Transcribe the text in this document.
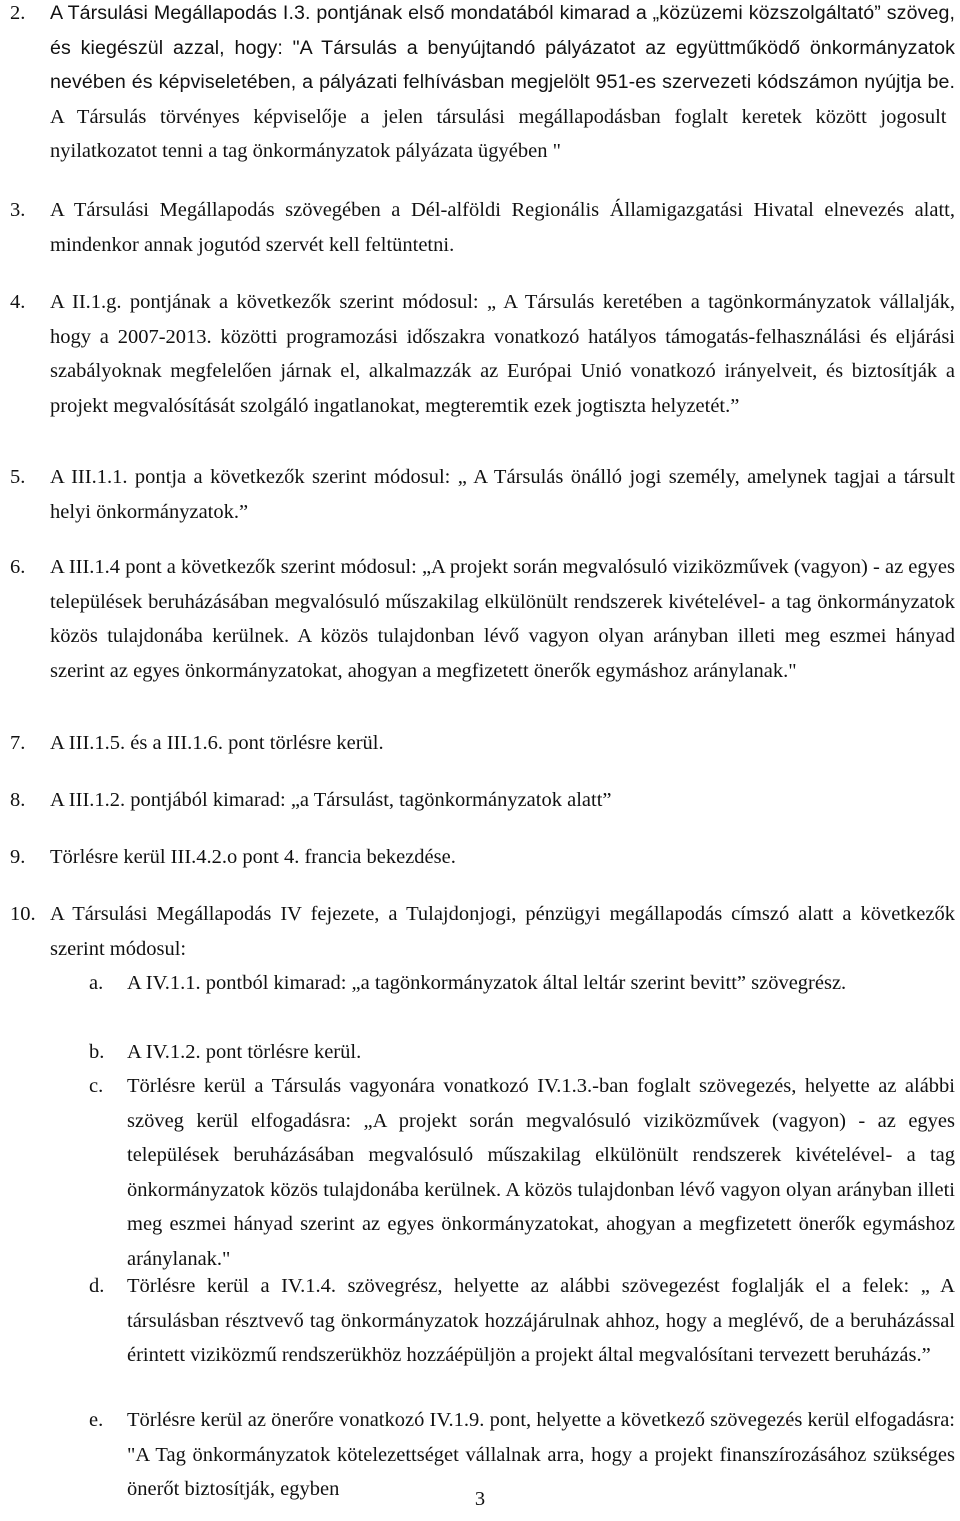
2. A Társulási Megállapodás I.3. pontjának első mondatából kimarad a „közüzemi közszolgáltató” szöveg, és kiegészül azzal, hogy: "A Társulás a benyújtandó pályázatot az együttműködő önkormányzatok nevében és képviseletében, a pályázati felhívásban megjelölt 951-es szervezeti kódszámon nyújtja be. A Társulás törvényes képviselője a jelen társulási megállapodásban foglalt keretek között jogosult nyilatkozatot tenni a tag önkormányzatok pályázata ügyében "
3. A Társulási Megállapodás szövegében a Dél-alföldi Regionális Államigazgatási Hivatal elnevezés alatt, mindenkor annak jogutód szervét kell feltüntetni.
4. A II.1.g. pontjának a következők szerint módosul: „ A Társulás keretében a tagönkormányzatok vállalják, hogy a 2007-2013. közötti programozási időszakra vonatkozó hatályos támogatás-felhasználási és eljárási szabályoknak megfelelően járnak el, alkalmazzák az Európai Unió vonatkozó irányelveit, és biztosítják a projekt megvalósítását szolgáló ingatlanokat, megteremtik ezek jogtiszta helyzetét.”
5. A III.1.1. pontja a következők szerint módosul: „ A Társulás önálló jogi személy, amelynek tagjai a társult helyi önkormányzatok.”
6. A III.1.4 pont a következők szerint módosul: „A projekt során megvalósuló viziközművek (vagyon) - az egyes települések beruházásában megvalósuló műszakilag elkülönült rendszerek kivételével- a tag önkormányzatok közös tulajdonába kerülnek. A közös tulajdonban lévő vagyon olyan arányban illeti meg eszmei hányad szerint az egyes önkormányzatokat, ahogyan a megfizetett önerők egymáshoz aránylanak."
7. A III.1.5. és a III.1.6. pont törlésre kerül.
8. A III.1.2. pontjából kimarad: „a Társulást, tagönkormányzatok alatt”
9. Törlésre kerül III.4.2.o pont 4. francia bekezdése.
10. A Társulási Megállapodás IV fejezete, a Tulajdonjogi, pénzügyi megállapodás címszó alatt a következők szerint módosul:
a. A IV.1.1. pontból kimarad: „a tagönkormányzatok által leltár szerint bevitt” szövegrész.
b. A IV.1.2. pont törlésre kerül.
c. Törlésre kerül a Társulás vagyonára vonatkozó IV.1.3.-ban foglalt szövegezés, helyette az alábbi szöveg kerül elfogadásra: „A projekt során megvalósuló viziközművek (vagyon) - az egyes települések beruházásában megvalósuló műszakilag elkülönült rendszerek kivételével- a tag önkormányzatok közös tulajdonába kerülnek. A közös tulajdonban lévő vagyon olyan arányban illeti meg eszmei hányad szerint az egyes önkormányzatokat, ahogyan a megfizetett önerők egymáshoz aránylanak."
d. Törlésre kerül a IV.1.4. szövegrész, helyette az alábbi szövegezést foglalják el a felek: „ A társulásban résztvevő tag önkormányzatok hozzájárulnak ahhoz, hogy a meglévő, de a beruházással érintett viziközmű rendszerükhöz hozzáépüljön a projekt által megvalósítani tervezett beruházás.”
e. Törlésre kerül az önerőre vonatkozó IV.1.9. pont, helyette a következő szövegezés kerül elfogadásra: "A Tag önkormányzatok kötelezettséget vállalnak arra, hogy a projekt finanszírozásához szükséges önerőt biztosítják, egyben	3
